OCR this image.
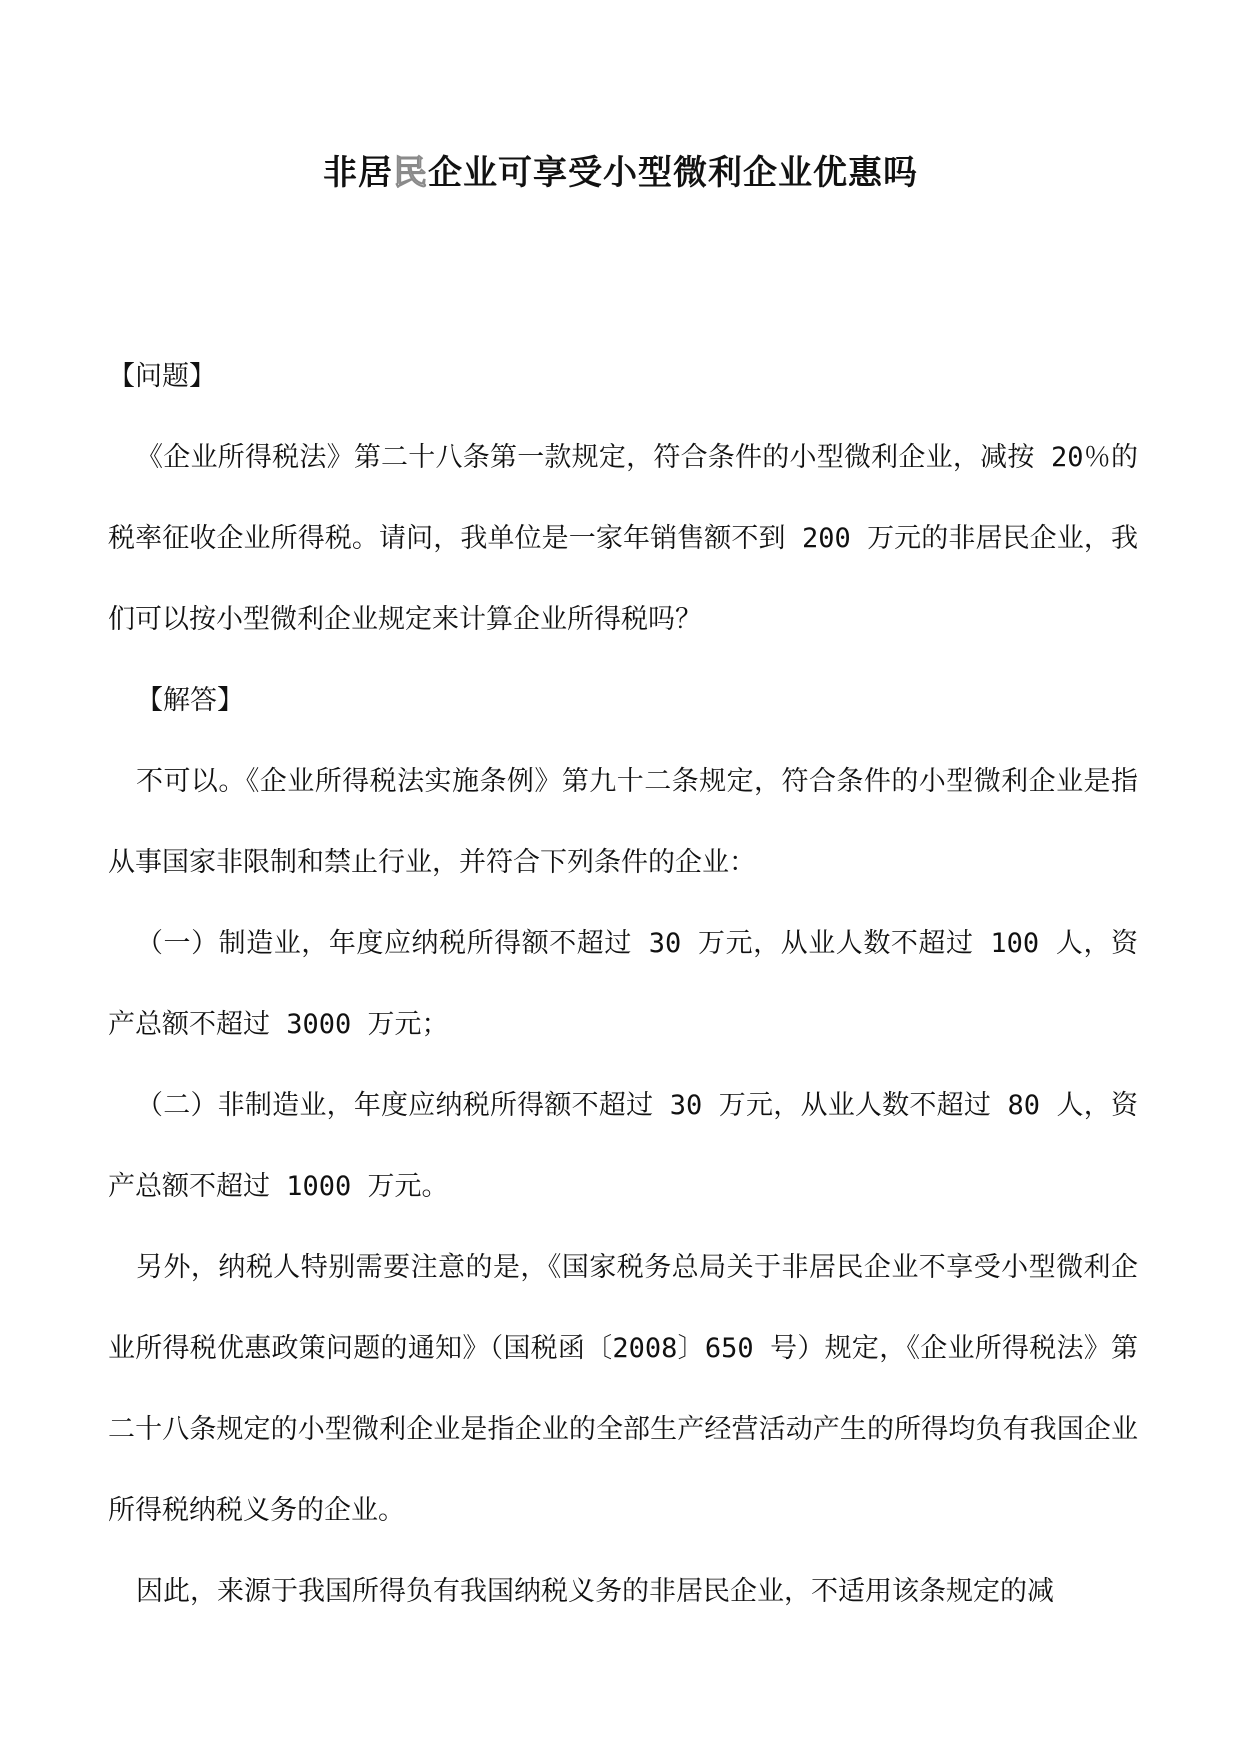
非居民企业可享受小型微利企业优惠吗

【问题】

《企业所得税法》第二十八条第一款规定，符合条件的小型微利企业，减按 20％的税率征收企业所得税。请问，我单位是一家年销售额不到 200 万元的非居民企业，我们可以按小型微利企业规定来计算企业所得税吗？

【解答】

不可以。《企业所得税法实施条例》第九十二条规定，符合条件的小型微利企业是指从事国家非限制和禁止行业，并符合下列条件的企业：

（一）制造业，年度应纳税所得额不超过 30 万元，从业人数不超过 100 人，资产总额不超过 3000 万元；

（二）非制造业，年度应纳税所得额不超过 30 万元，从业人数不超过 80 人，资产总额不超过 1000 万元。

另外，纳税人特别需要注意的是，《国家税务总局关于非居民企业不享受小型微利企业所得税优惠政策问题的通知》（国税函〔2008〕650 号）规定，《企业所得税法》第二十八条规定的小型微利企业是指企业的全部生产经营活动产生的所得均负有我国企业所得税纳税义务的企业。

因此，来源于我国所得负有我国纳税义务的非居民企业，不适用该条规定的减
